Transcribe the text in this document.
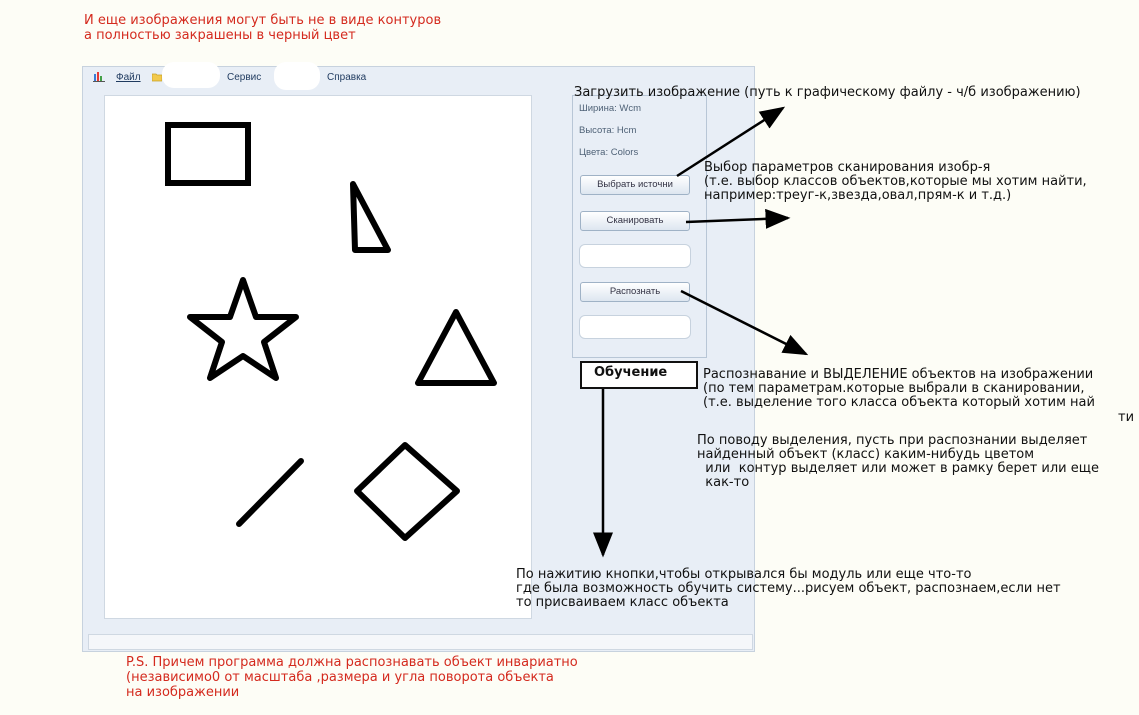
И еще изображения могут быть не в виде контуров
а полностью закрашены в черный цвет
Файл	Сервис	Справка
Ширина: Wcm
Высота: Hcm
Цвета: Colors
Выбрать источни
Сканировать
Распознать
Обучение
Загрузить изображение (путь к графическому файлу - ч/б изображению)
Выбор параметров сканирования изобр-я
(т.е. выбор классов объектов,которые мы хотим найти,
например:треуг-к,звезда,овал,прям-к и т.д.)
Распознавание и ВЫДЕЛЕНИЕ объектов на изображении
(по тем параметрам.которые выбрали в сканировании,
(т.е. выделение того класса объекта который хотим най
ти
По поводу выделения, пусть при распознании выделяет
найденный объект (класс) каким-нибудь цветом
или  контур выделяет или может в рамку берет или еще
как-то
По нажитию кнопки,чтобы открывался бы модуль или еще что-то
где была возможность обучить систему...рисуем объект, распознаем,если нет
то присваиваем класс объекта
P.S. Причем программа должна распознавать объект инвариатно
(независимо0 от масштаба ,размера и угла поворота объекта
на изображении
